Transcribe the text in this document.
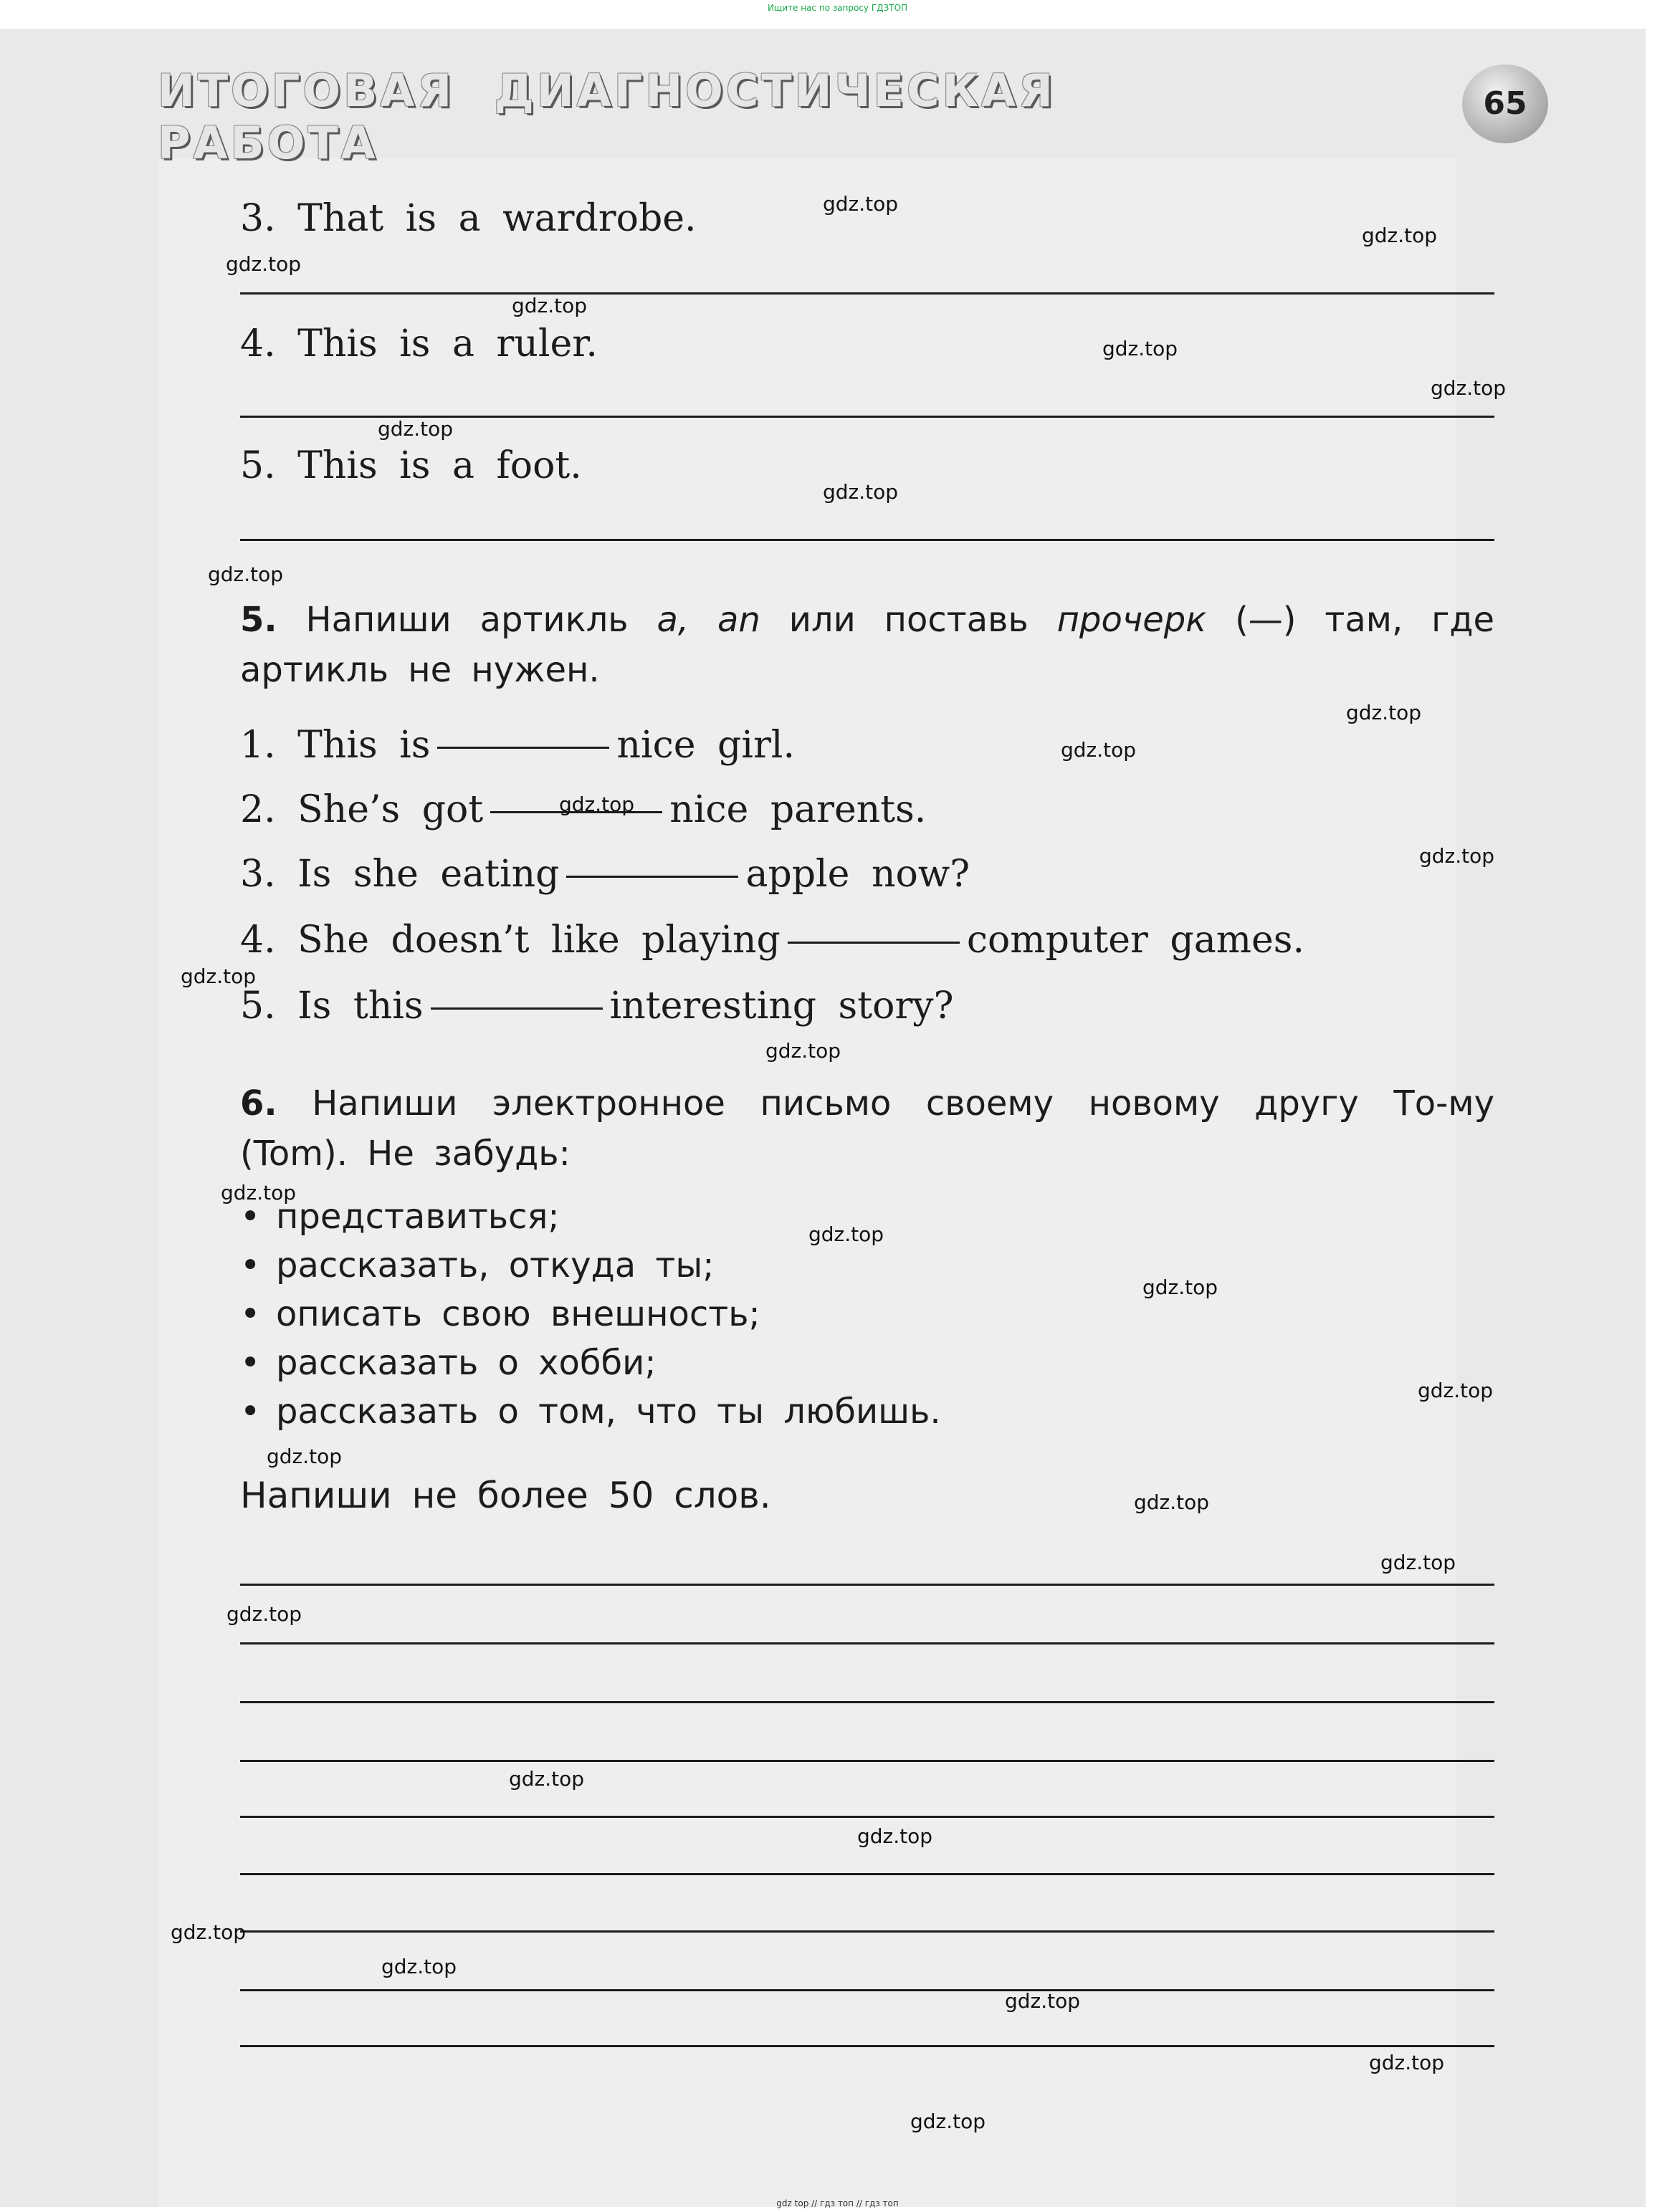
Ищите нас по запросу ГДЗТОП
ИТОГОВАЯ ДИАГНОСТИЧЕСКАЯ РАБОТА
65
3. That is a wardrobe.
4. This is a ruler.
5. This is a foot.
5. Напиши артикль a, an или поставь прочерк (—) там, где артикль не нужен.
1. This is	nice girl.
2. She’s got	nice parents.
3. Is she eating	apple now?
4. She doesn’t like playing	computer games.
5. Is this	interesting story?
6. Напиши электронное письмо своему новому другу То-му (Tom). Не забудь:
• представиться;
• рассказать, откуда ты;
• описать свою внешность;
• рассказать о хобби;
• рассказать о том, что ты любишь.
Напиши не более 50 слов.
gdz.top
gdz.top
gdz.top
gdz.top
gdz.top
gdz.top
gdz.top
gdz.top
gdz.top
gdz.top
gdz.top
gdz.top
gdz.top
gdz.top
gdz.top
gdz.top
gdz.top
gdz.top
gdz.top
gdz.top
gdz.top
gdz.top
gdz.top
gdz.top
gdz.top
gdz.top
gdz.top
gdz.top
gdz.top
gdz.top
gdz top // гдз топ // гдз топ
